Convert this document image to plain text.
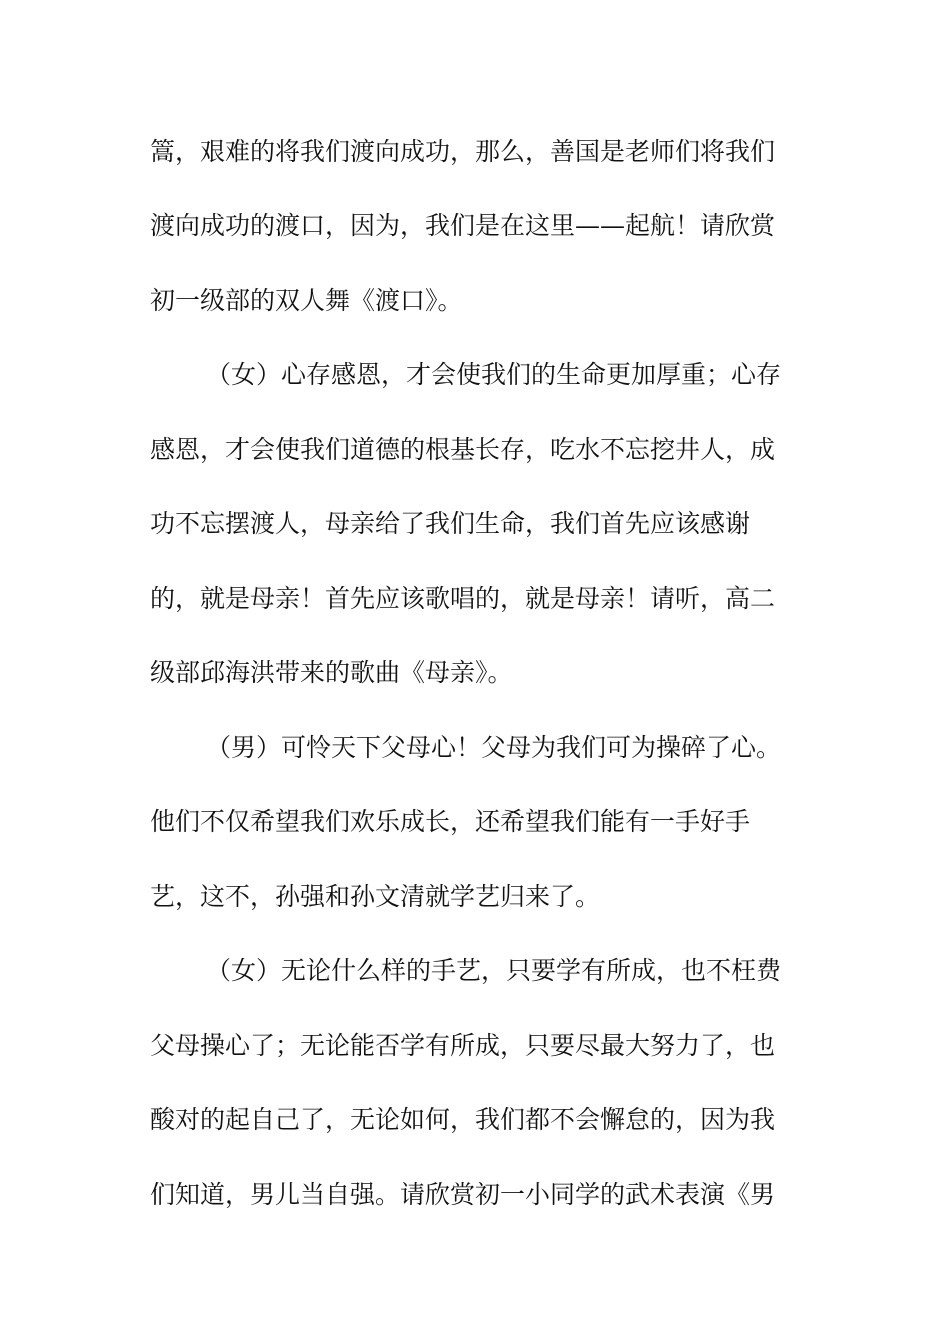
篙，艰难的将我们渡向成功，那么，善国是老师们将我们
渡向成功的渡口，因为，我们是在这里——起航！请欣赏
初一级部的双人舞《渡口》。
（女）心存感恩，才会使我们的生命更加厚重；心存
感恩，才会使我们道德的根基长存，吃水不忘挖井人，成
功不忘摆渡人，母亲给了我们生命，我们首先应该感谢
的，就是母亲！首先应该歌唱的，就是母亲！请听，高二
级部邱海洪带来的歌曲《母亲》。
（男）可怜天下父母心！父母为我们可为操碎了心。
他们不仅希望我们欢乐成长，还希望我们能有一手好手
艺，这不，孙强和孙文清就学艺归来了。
（女）无论什么样的手艺，只要学有所成，也不枉费
父母操心了；无论能否学有所成，只要尽最大努力了，也
酸对的起自己了，无论如何，我们都不会懈怠的，因为我
们知道，男儿当自强。请欣赏初一小同学的武术表演《男
